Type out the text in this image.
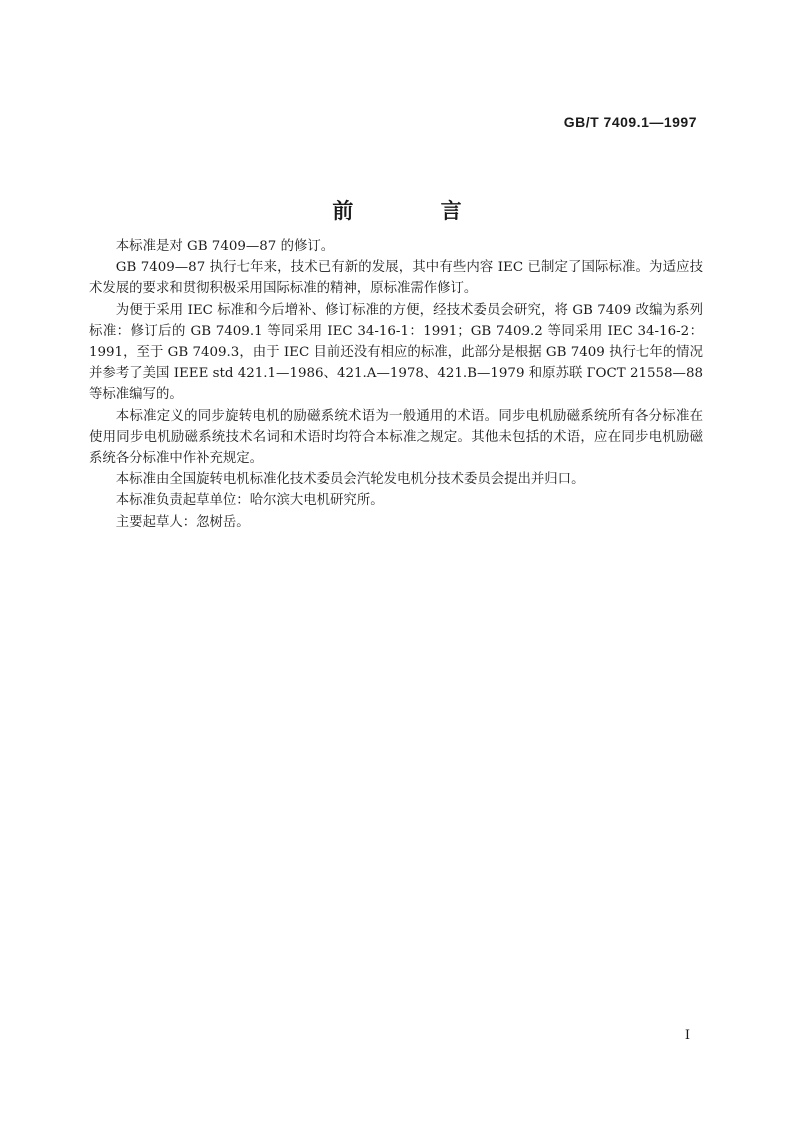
GB/T 7409.1—1997
前 言

本标准是对 GB 7409—87 的修订。

GB 7409—87 执行七年来，技术已有新的发展，其中有些内容 IEC 已制定了国际标准。为适应技术发展的要求和贯彻积极采用国际标准的精神，原标准需作修订。

为便于采用 IEC 标准和今后增补、修订标准的方便，经技术委员会研究，将 GB 7409 改编为系列标准：修订后的 GB 7409.1 等同采用 IEC 34-16-1：1991；GB 7409.2 等同采用 IEC 34-16-2：1991，至于 GB 7409.3，由于 IEC 目前还没有相应的标准，此部分是根据 GB 7409 执行七年的情况并参考了美国 IEEE std 421.1—1986、421.A—1978、421.B—1979 和原苏联 ГОСТ 21558—88 等标准编写的。

本标准定义的同步旋转电机的励磁系统术语为一般通用的术语。同步电机励磁系统所有各分标准在使用同步电机励磁系统技术名词和术语时均符合本标准之规定。其他未包括的术语，应在同步电机励磁系统各分标准中作补充规定。

本标准由全国旋转电机标准化技术委员会汽轮发电机分技术委员会提出并归口。

本标准负责起草单位：哈尔滨大电机研究所。

主要起草人：忽树岳。

I
